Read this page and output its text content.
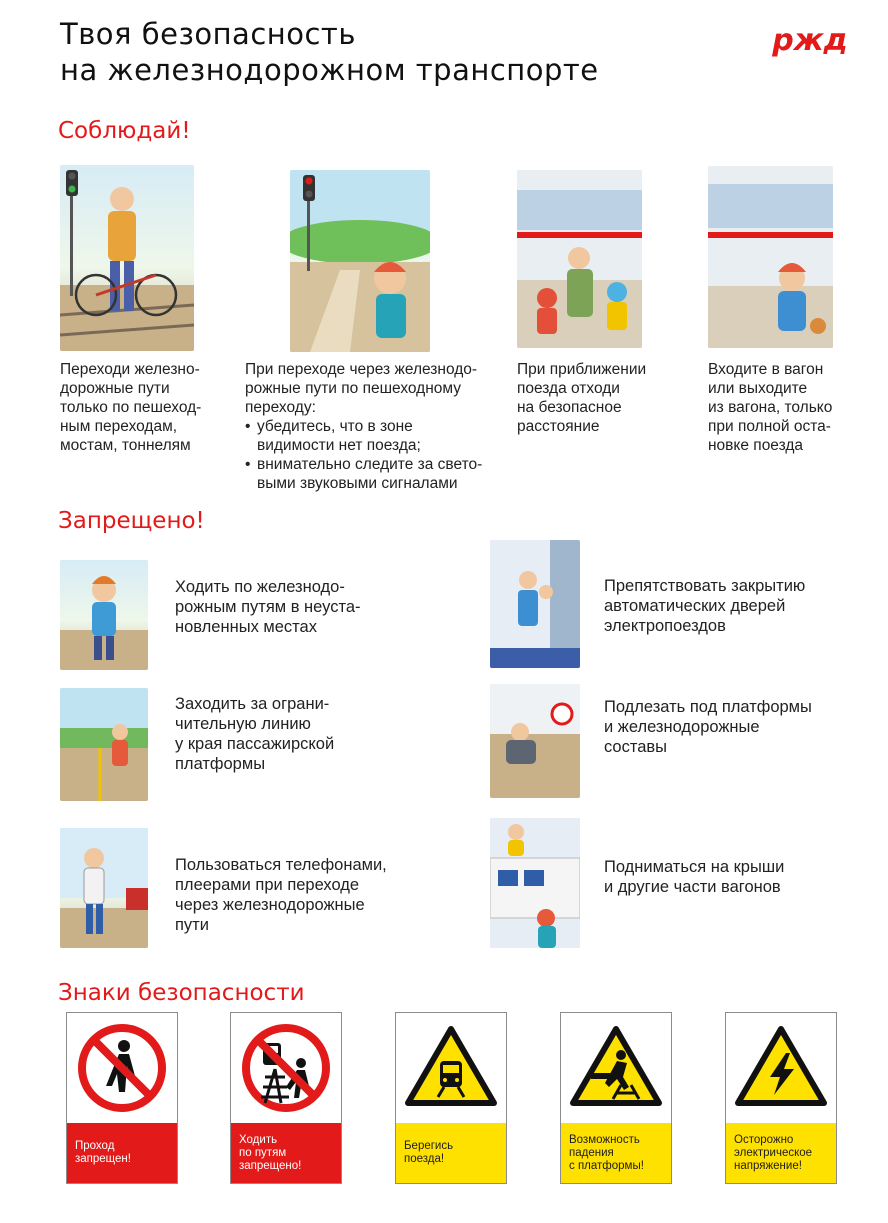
Твоя безопасность
на железнодорожном транспорте
ржд
Соблюдай!
Переходи железно-
дорожные пути
только по пешеход-
ным переходам,
мостам, тоннелям
При переходе через железнодо-
рожные пути по пешеходному
переходу:
• убедитесь, что в зоне
видимости нет поезда;
• внимательно следите за свето-
выми звуковыми сигналами
При приближении
поезда отходи
на безопасное
расстояние
Входите в вагон
или выходите
из вагона, только
при полной оста-
новке поезда
Запрещено!
Ходить по железнодо-
рожным путям в неуста-
новленных местах
Заходить за ограни-
чительную линию
у края пассажирской
платформы
Пользоваться телефонами,
плеерами при переходе
через железнодорожные
пути
Препятствовать закрытию
автоматических дверей
электропоездов
Подлезать под платформы
и железнодорожные
составы
Подниматься на крыши
и другие части вагонов
Знаки безопасности
Проход
запрещен!
Ходить
по путям
запрещено!
Берегись
поезда!
Возможность
падения
с платформы!
Осторожно
электрическое
напряжение!
